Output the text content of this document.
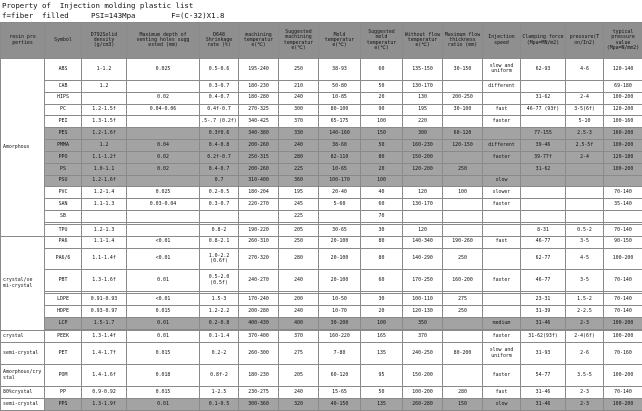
Property of  Injection molding plastic list
f=fiber  filled     PSI=143Mpa        F=(C-32)X1.8
resin pro perties	Symbol	D792Solid density (g/cm3)	Maximum depth of venting holes sugg ested (mm)	D648 Shrinkage rate (%)	machining temperatur e(℃)	Suggested machining temperatur e(℃)	Mold temperatur e(℃)	Suggested mold temperatur e(℃)	Without flow temperatur e(℃)	Maximum flow thickness ratio (mm)	Injection speed	Clamping force (Mpa=MN/m2)	pressure(T on/In2)	typical pressure value (Mpa=N/mm2)
Amorphous	ABS	1-1.2	0.025	0.5-0.6	195-240	250	38-93	60	135-150	30-150	slow and uniform	62-93	4-6	120-140
	CAB	1.2		0.3-0.7	180-230	210	50-80	50	130-170		different			69-180
	HIPS		0.02	0.4-0.7	180-280	240	10-85	20	130	200-250		31-62	2-4	100-200
	PC	1.2-1.5f	0.04-0.06	0.4f-0.7	270-325	300	80-100	90	195	30-100	fast	46-77 (93f)	3-5(6f)	120-200
	PEI	1.3-1.5f		.5-.7 (0.2f)	340-425	370	65-175	100	220		faster		5-10	100-160
	PES	1.2-1.6f		0.3f0.6	340-380	330	140-160	150	300	60-120		77-155	2.5-3	160-200
	PMMA	1.2	0.04	0.4-0.8	200-260	240	38-60	50	160-230	120-150	different	39-46	2.5-5f	100-200
	PPO	1.1-1.2f	0.02	0.2f-0.7	250-315	280	82-110	80	150-200		faster	39-77f	2-4	120-180
	PS	1.0-1.1	0.02	0.4-0.7	200-260	225	10-65	20	120-200	250		31-62		100-200
	PSU	1.2-1.6f		0.7	310-400	360	100-170	100			slow			
	PVC	1.2-1.4	0.025	0.2-0.5	180-204	195	20-40	40	120	100	slower			70-140
	SAN	1.1-1.3	0.03-0.04	0.3-0.7	220-270	245	5-60	60	130-170		faster			35-140
	SB					225		70						

	TPU	1.2-1.3		0.8-2	190-220	205	30-65	30	120			8-31	0.5-2	70-140
crystal/se mi-crystal	PA6	1.1-1.4	<0.01	0.8-2.1	260-310	250	20-100	80	140-340	190-260	fast	46-77	3-5	90-150
	PA6/6	1.1-1.4f	<0.01	1.0-2.2 (0.6f)	270-320	280	20-100	80	140-290	250		62-77	4-5	100-200
	PBT	1.3-1.6f	0.01	0.5-2.0 (0.5f)	240-270	240	20-100	60	170-250	160-200	faster	46-77	3-5	70-140

	LDPE	0.91-0.93	<0.01	1.5-3	170-240	200	10-50	30	100-110	275		23-31	1.5-2	70-140
	HDPE	0.93-0.97	0.015	1.2-2.2	200-280	240	10-70	20	120-130	250		31-39	2-2.5	70-140
	LCP	1.5-1.7	0.01	0.2-0.8	400-430	400	30-200	100	350		medium	31-46	2-3	100-200

crystal	PEEK	1.3-1.4f	0.01	0.1-1.4	370-400	370	160-220	165	370		faster	31-62(93f)	2-4(6f)	100-200
semi-crystal	PET	1.4-1.7f	0.015	0.2-2	260-300	275	7-80	135	240-250	80-200	slow and uniform	31-93	2-6	70-160
Amorphous/crystal	POM	1.4-1.6f	0.018	0.8f-2	180-230	205	60-120	95	150-200		faster	54-77	3.5-5	100-200
80%crystal	PP	0.9-0.92	0.015	1-2.5	230-275	240	15-65	50	100-200	280	fast	31-46	2-3	70-140
semi-crystal	PPS	1.3-1.9f	0.01	0.1-0.5	300-360	320	40-150	135	260-280	150	slow	31-46	2-3	100-200
